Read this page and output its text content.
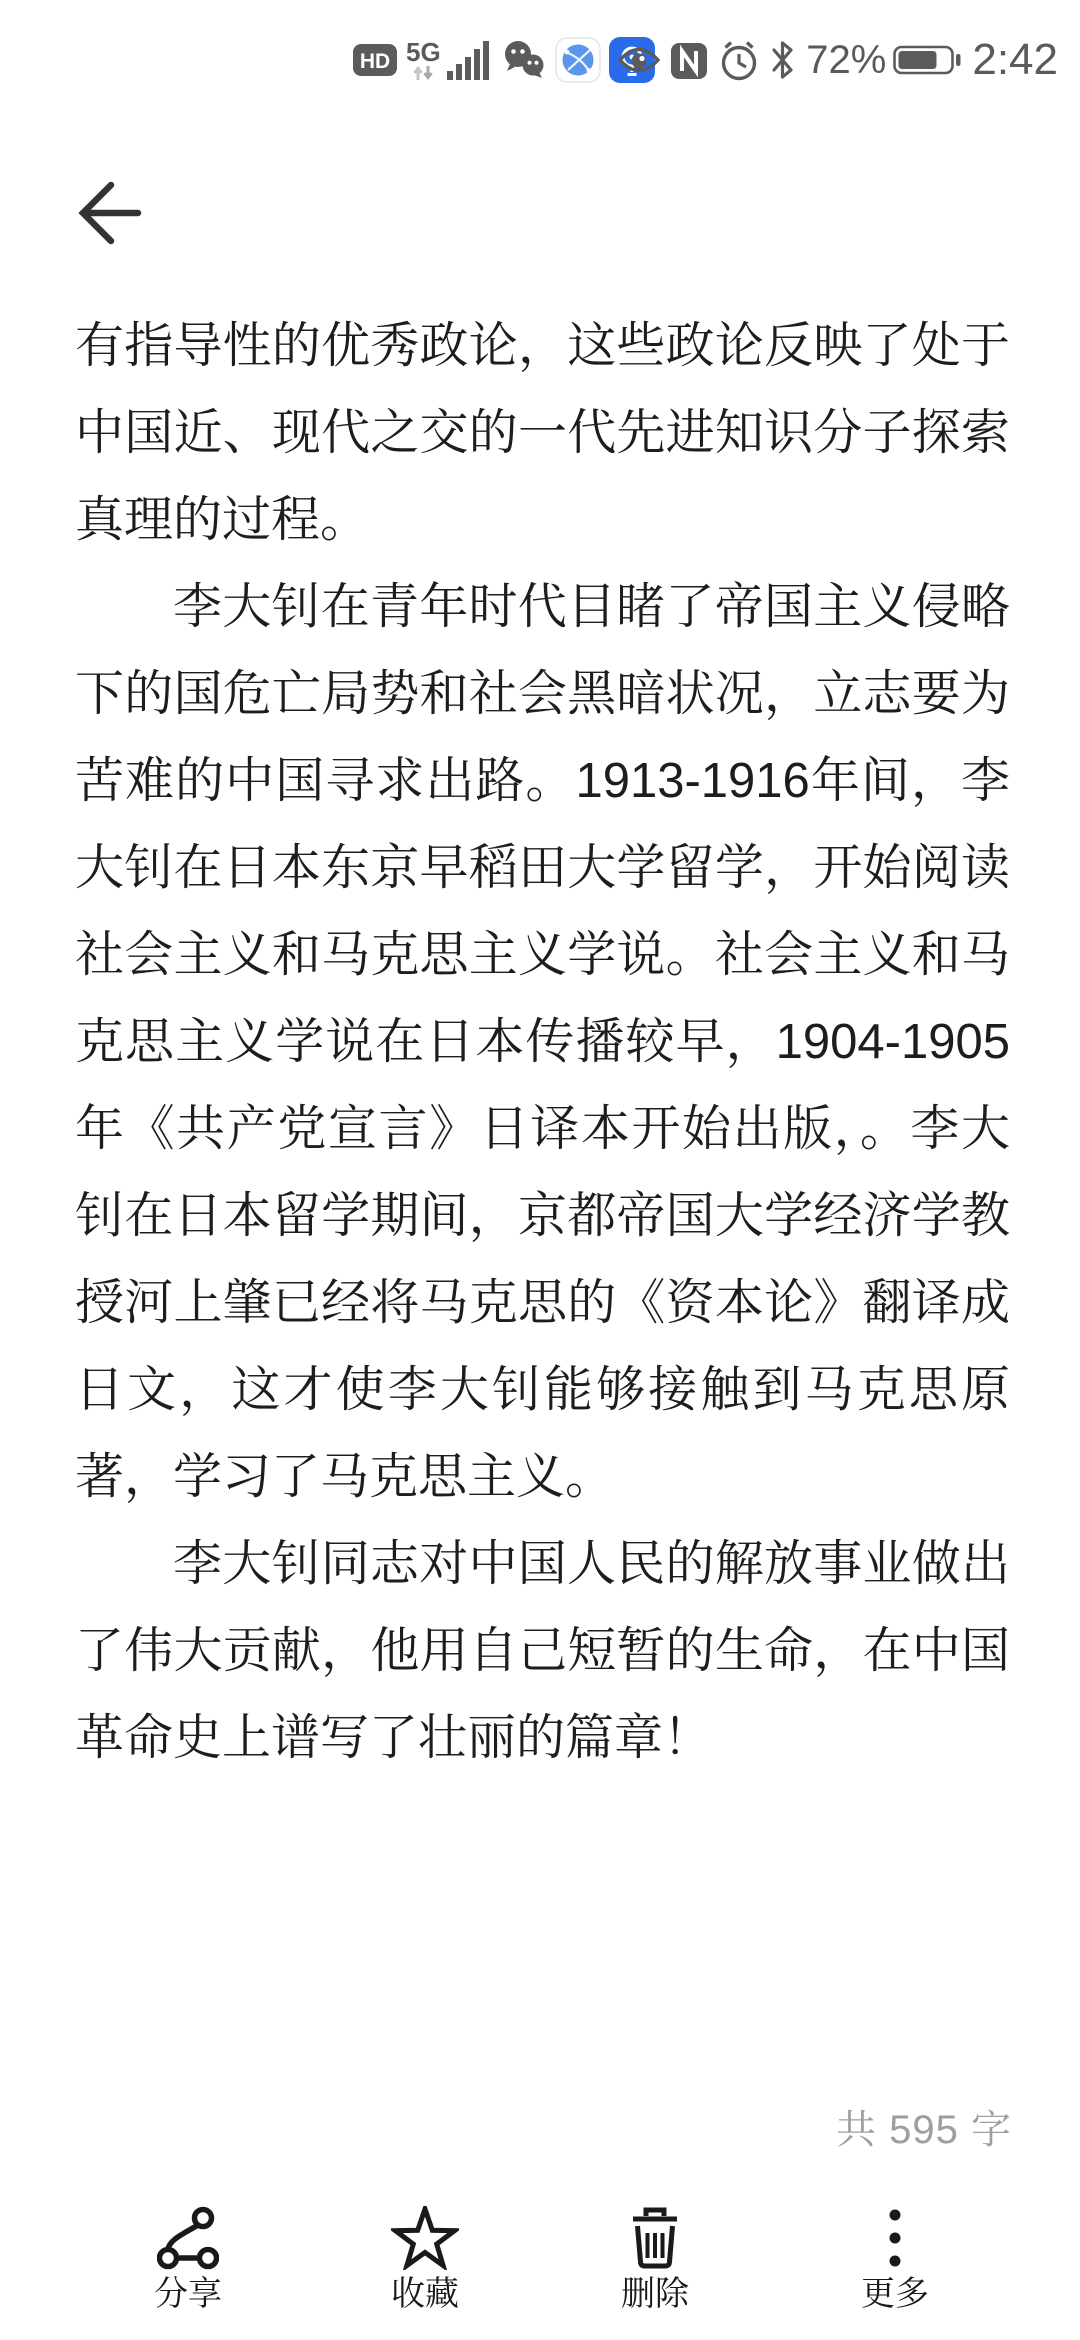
HD 5G	72% 2:42

有指导性的优秀政论，这些政论反映了处于中国近、现代之交的一代先进知识分子探索真理的过程。

李大钊在青年时代目睹了帝国主义侵略下的国危亡局势和社会黑暗状况，立志要为苦难的中国寻求出路。1913-1916年间，李大钊在日本东京早稻田大学留学，开始阅读社会主义和马克思主义学说。社会主义和马克思主义学说在日本传播较早，1904-1905年《共产党宣言》日译本开始出版，。李大钊在日本留学期间，京都帝国大学经济学教授河上肇已经将马克思的《资本论》翻译成日文，这才使李大钊能够接触到马克思原著，学习了马克思主义。

李大钊同志对中国人民的解放事业做出了伟大贡献，他用自己短暂的生命，在中国革命史上谱写了壮丽的篇章！

共 595 字
分享	收藏	删除	更多
